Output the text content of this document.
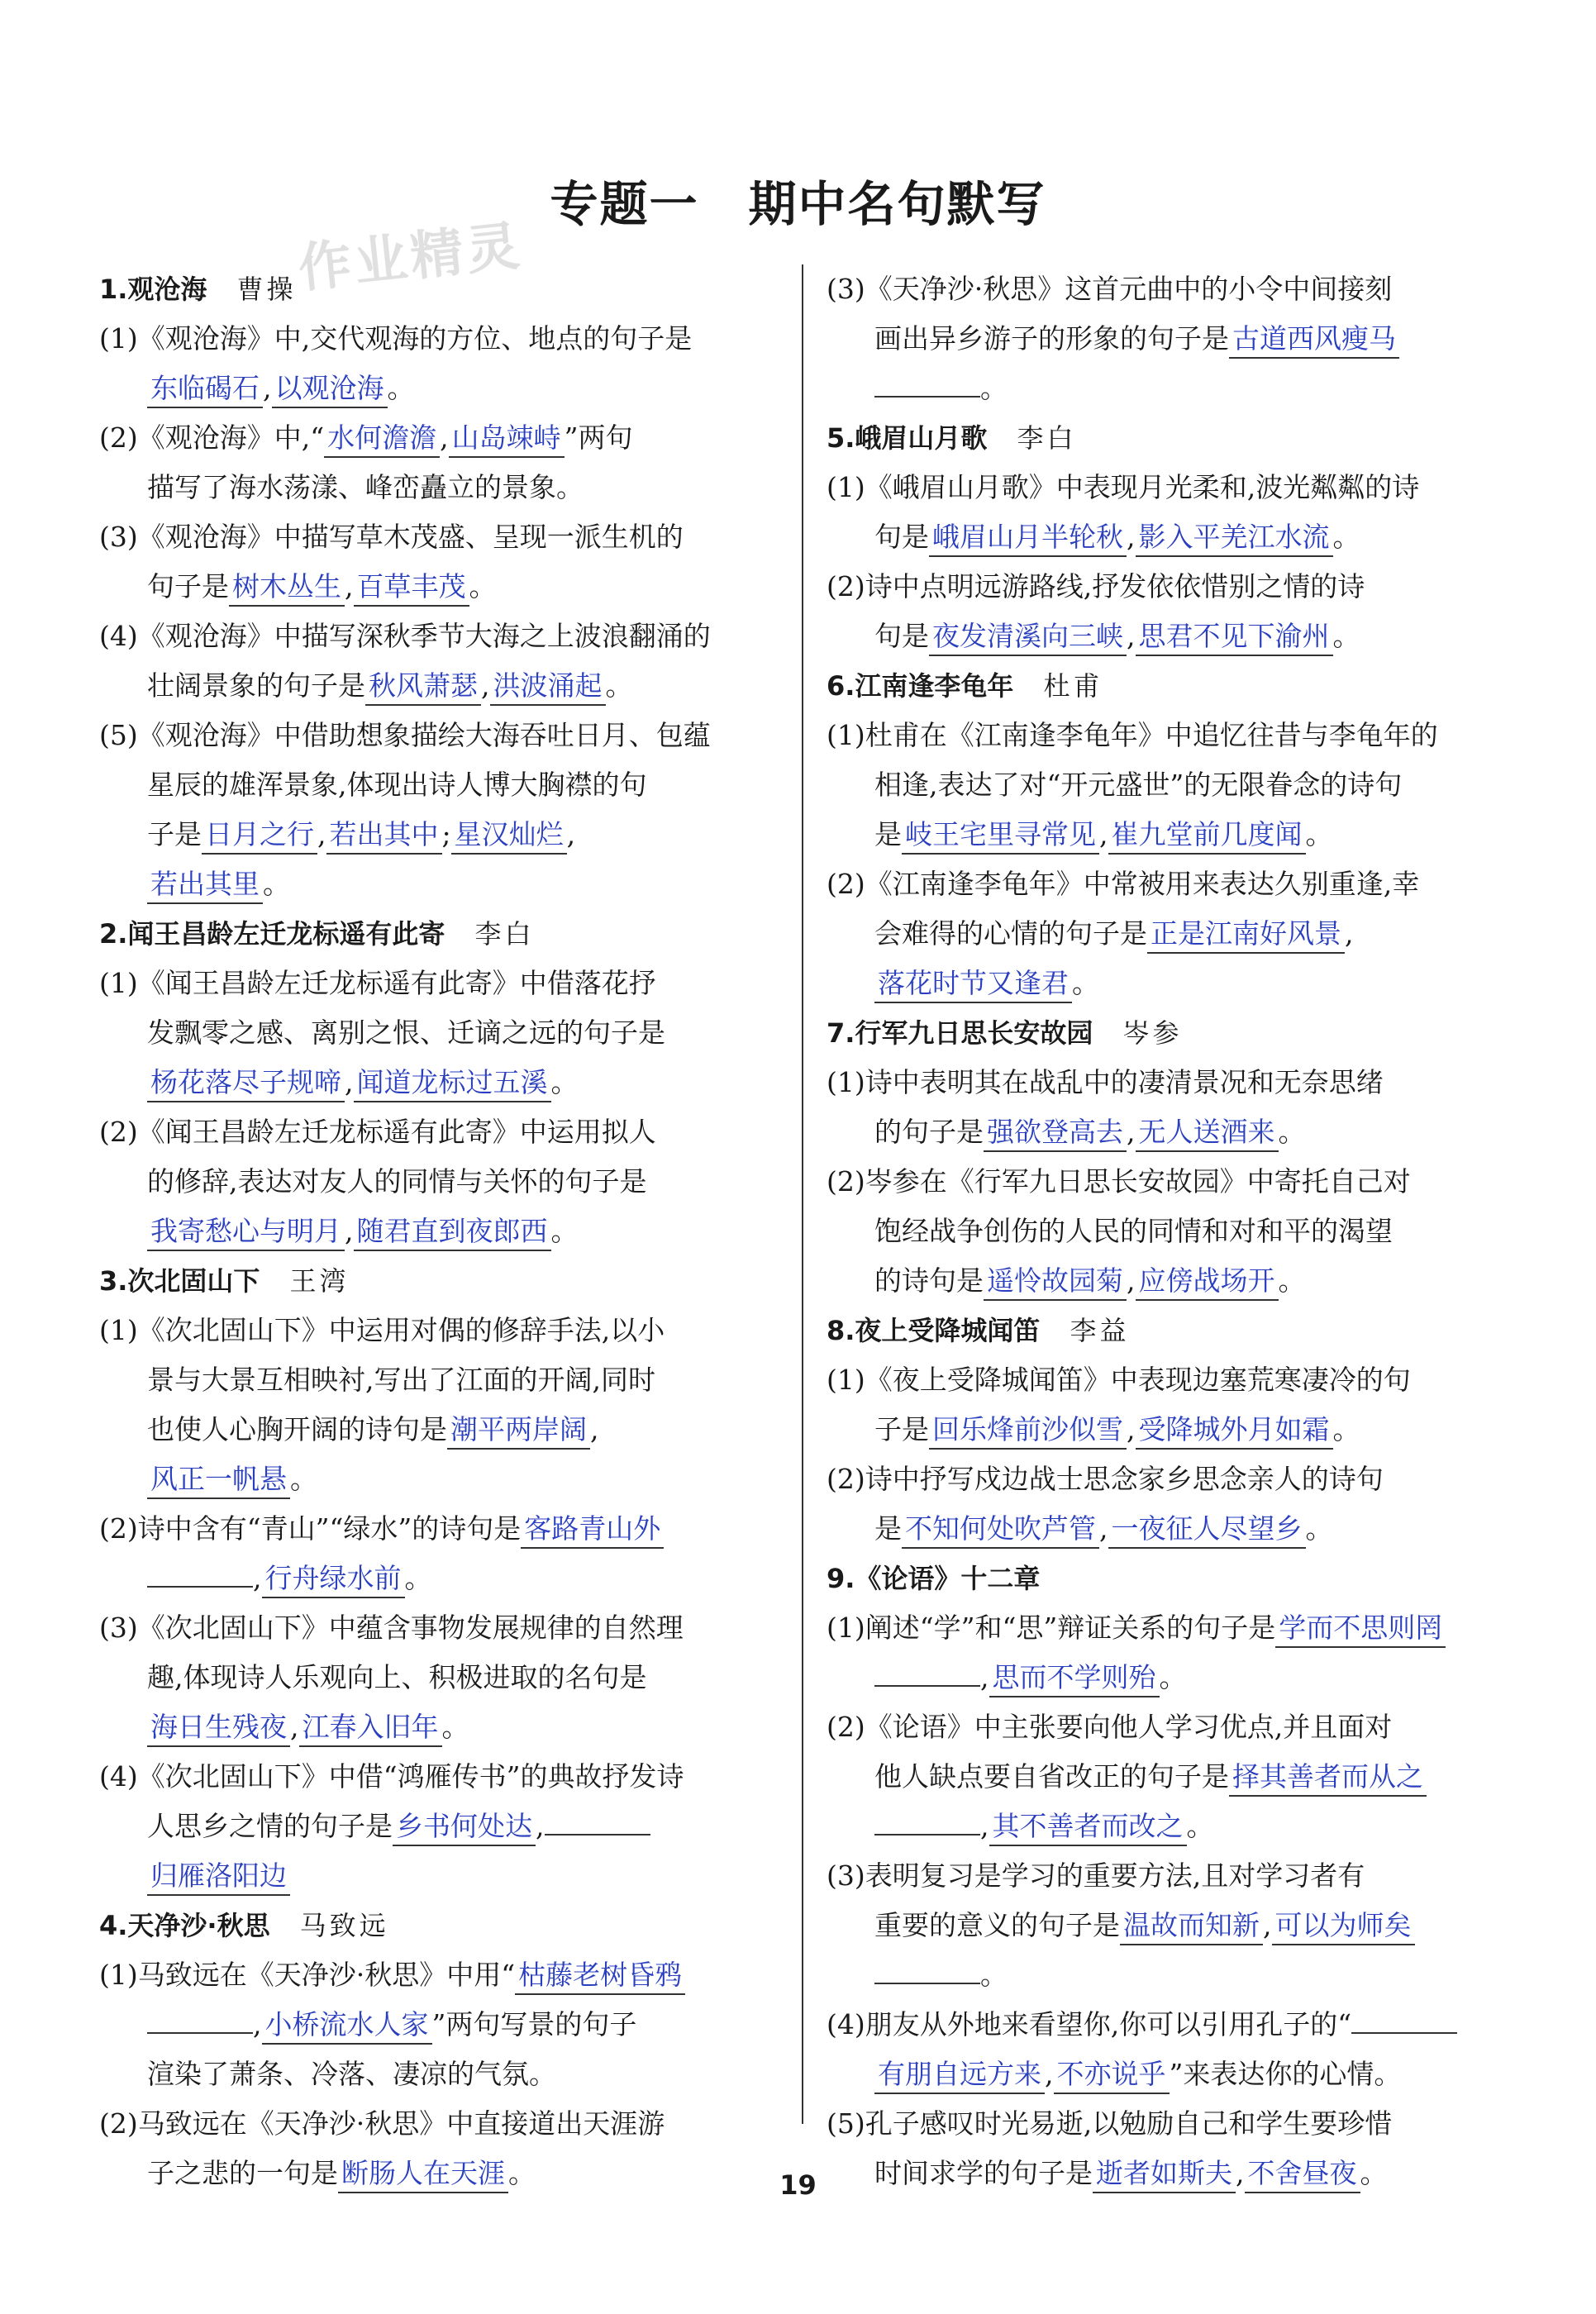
作业精灵
专题一　期中名句默写
1.观沧海 曹操
(1)《观沧海》中,交代观海的方位、地点的句子是
东临碣石 , 以观沧海 。
(2)《观沧海》中,“ 水何澹澹 , 山岛竦峙 ”两句
描写了海水荡漾、峰峦矗立的景象。
(3)《观沧海》中描写草木茂盛、呈现一派生机的
句子是 树木丛生 , 百草丰茂 。
(4)《观沧海》中描写深秋季节大海之上波浪翻涌的
壮阔景象的句子是 秋风萧瑟 , 洪波涌起 。
(5)《观沧海》中借助想象描绘大海吞吐日月、包蕴
星辰的雄浑景象,体现出诗人博大胸襟的句
子是 日月之行 , 若出其中 ; 星汉灿烂 ,
若出其里 。
2.闻王昌龄左迁龙标遥有此寄 李白
(1)《闻王昌龄左迁龙标遥有此寄》中借落花抒
发飘零之感、离别之恨、迁谪之远的句子是
杨花落尽子规啼 , 闻道龙标过五溪 。
(2)《闻王昌龄左迁龙标遥有此寄》中运用拟人
的修辞,表达对友人的同情与关怀的句子是
我寄愁心与明月 , 随君直到夜郎西 。
3.次北固山下 王湾
(1)《次北固山下》中运用对偶的修辞手法,以小
景与大景互相映衬,写出了江面的开阔,同时
也使人心胸开阔的诗句是 潮平两岸阔 ,
风正一帆悬 。
(2)诗中含有“青山”“绿水”的诗句是 客路青山外
, 行舟绿水前 。
(3)《次北固山下》中蕴含事物发展规律的自然理
趣,体现诗人乐观向上、积极进取的名句是
海日生残夜 , 江春入旧年 。
(4)《次北固山下》中借“鸿雁传书”的典故抒发诗
人思乡之情的句子是 乡书何处达 ,
归雁洛阳边
4.天净沙·秋思 马致远
(1)马致远在《天净沙·秋思》中用“ 枯藤老树昏鸦
, 小桥流水人家 ”两句写景的句子
渲染了萧条、冷落、凄凉的气氛。
(2)马致远在《天净沙·秋思》中直接道出天涯游
子之悲的一句是 断肠人在天涯 。
(3)《天净沙·秋思》这首元曲中的小令中间接刻
画出异乡游子的形象的句子是 古道西风瘦马
。
5.峨眉山月歌 李白
(1)《峨眉山月歌》中表现月光柔和,波光粼粼的诗
句是 峨眉山月半轮秋 , 影入平羌江水流 。
(2)诗中点明远游路线,抒发依依惜别之情的诗
句是 夜发清溪向三峡 , 思君不见下渝州 。
6.江南逢李龟年 杜甫
(1)杜甫在《江南逢李龟年》中追忆往昔与李龟年的
相逢,表达了对“开元盛世”的无限眷念的诗句
是 岐王宅里寻常见 , 崔九堂前几度闻 。
(2)《江南逢李龟年》中常被用来表达久别重逢,幸
会难得的心情的句子是 正是江南好风景 ,
落花时节又逢君 。
7.行军九日思长安故园 岑参
(1)诗中表明其在战乱中的凄清景况和无奈思绪
的句子是 强欲登高去 , 无人送酒来 。
(2)岑参在《行军九日思长安故园》中寄托自己对
饱经战争创伤的人民的同情和对和平的渴望
的诗句是 遥怜故园菊 , 应傍战场开 。
8.夜上受降城闻笛 李益
(1)《夜上受降城闻笛》中表现边塞荒寒凄冷的句
子是 回乐烽前沙似雪 , 受降城外月如霜 。
(2)诗中抒写戍边战士思念家乡思念亲人的诗句
是 不知何处吹芦管 , 一夜征人尽望乡 。
9.《论语》十二章
(1)阐述“学”和“思”辩证关系的句子是 学而不思则罔
, 思而不学则殆 。
(2)《论语》中主张要向他人学习优点,并且面对
他人缺点要自省改正的句子是 择其善者而从之
, 其不善者而改之 。
(3)表明复习是学习的重要方法,且对学习者有
重要的意义的句子是 温故而知新 , 可以为师矣
。
(4)朋友从外地来看望你,你可以引用孔子的“
有朋自远方来 , 不亦说乎 ”来表达你的心情。
(5)孔子感叹时光易逝,以勉励自己和学生要珍惜
时间求学的句子是 逝者如斯夫 , 不舍昼夜 。
19
